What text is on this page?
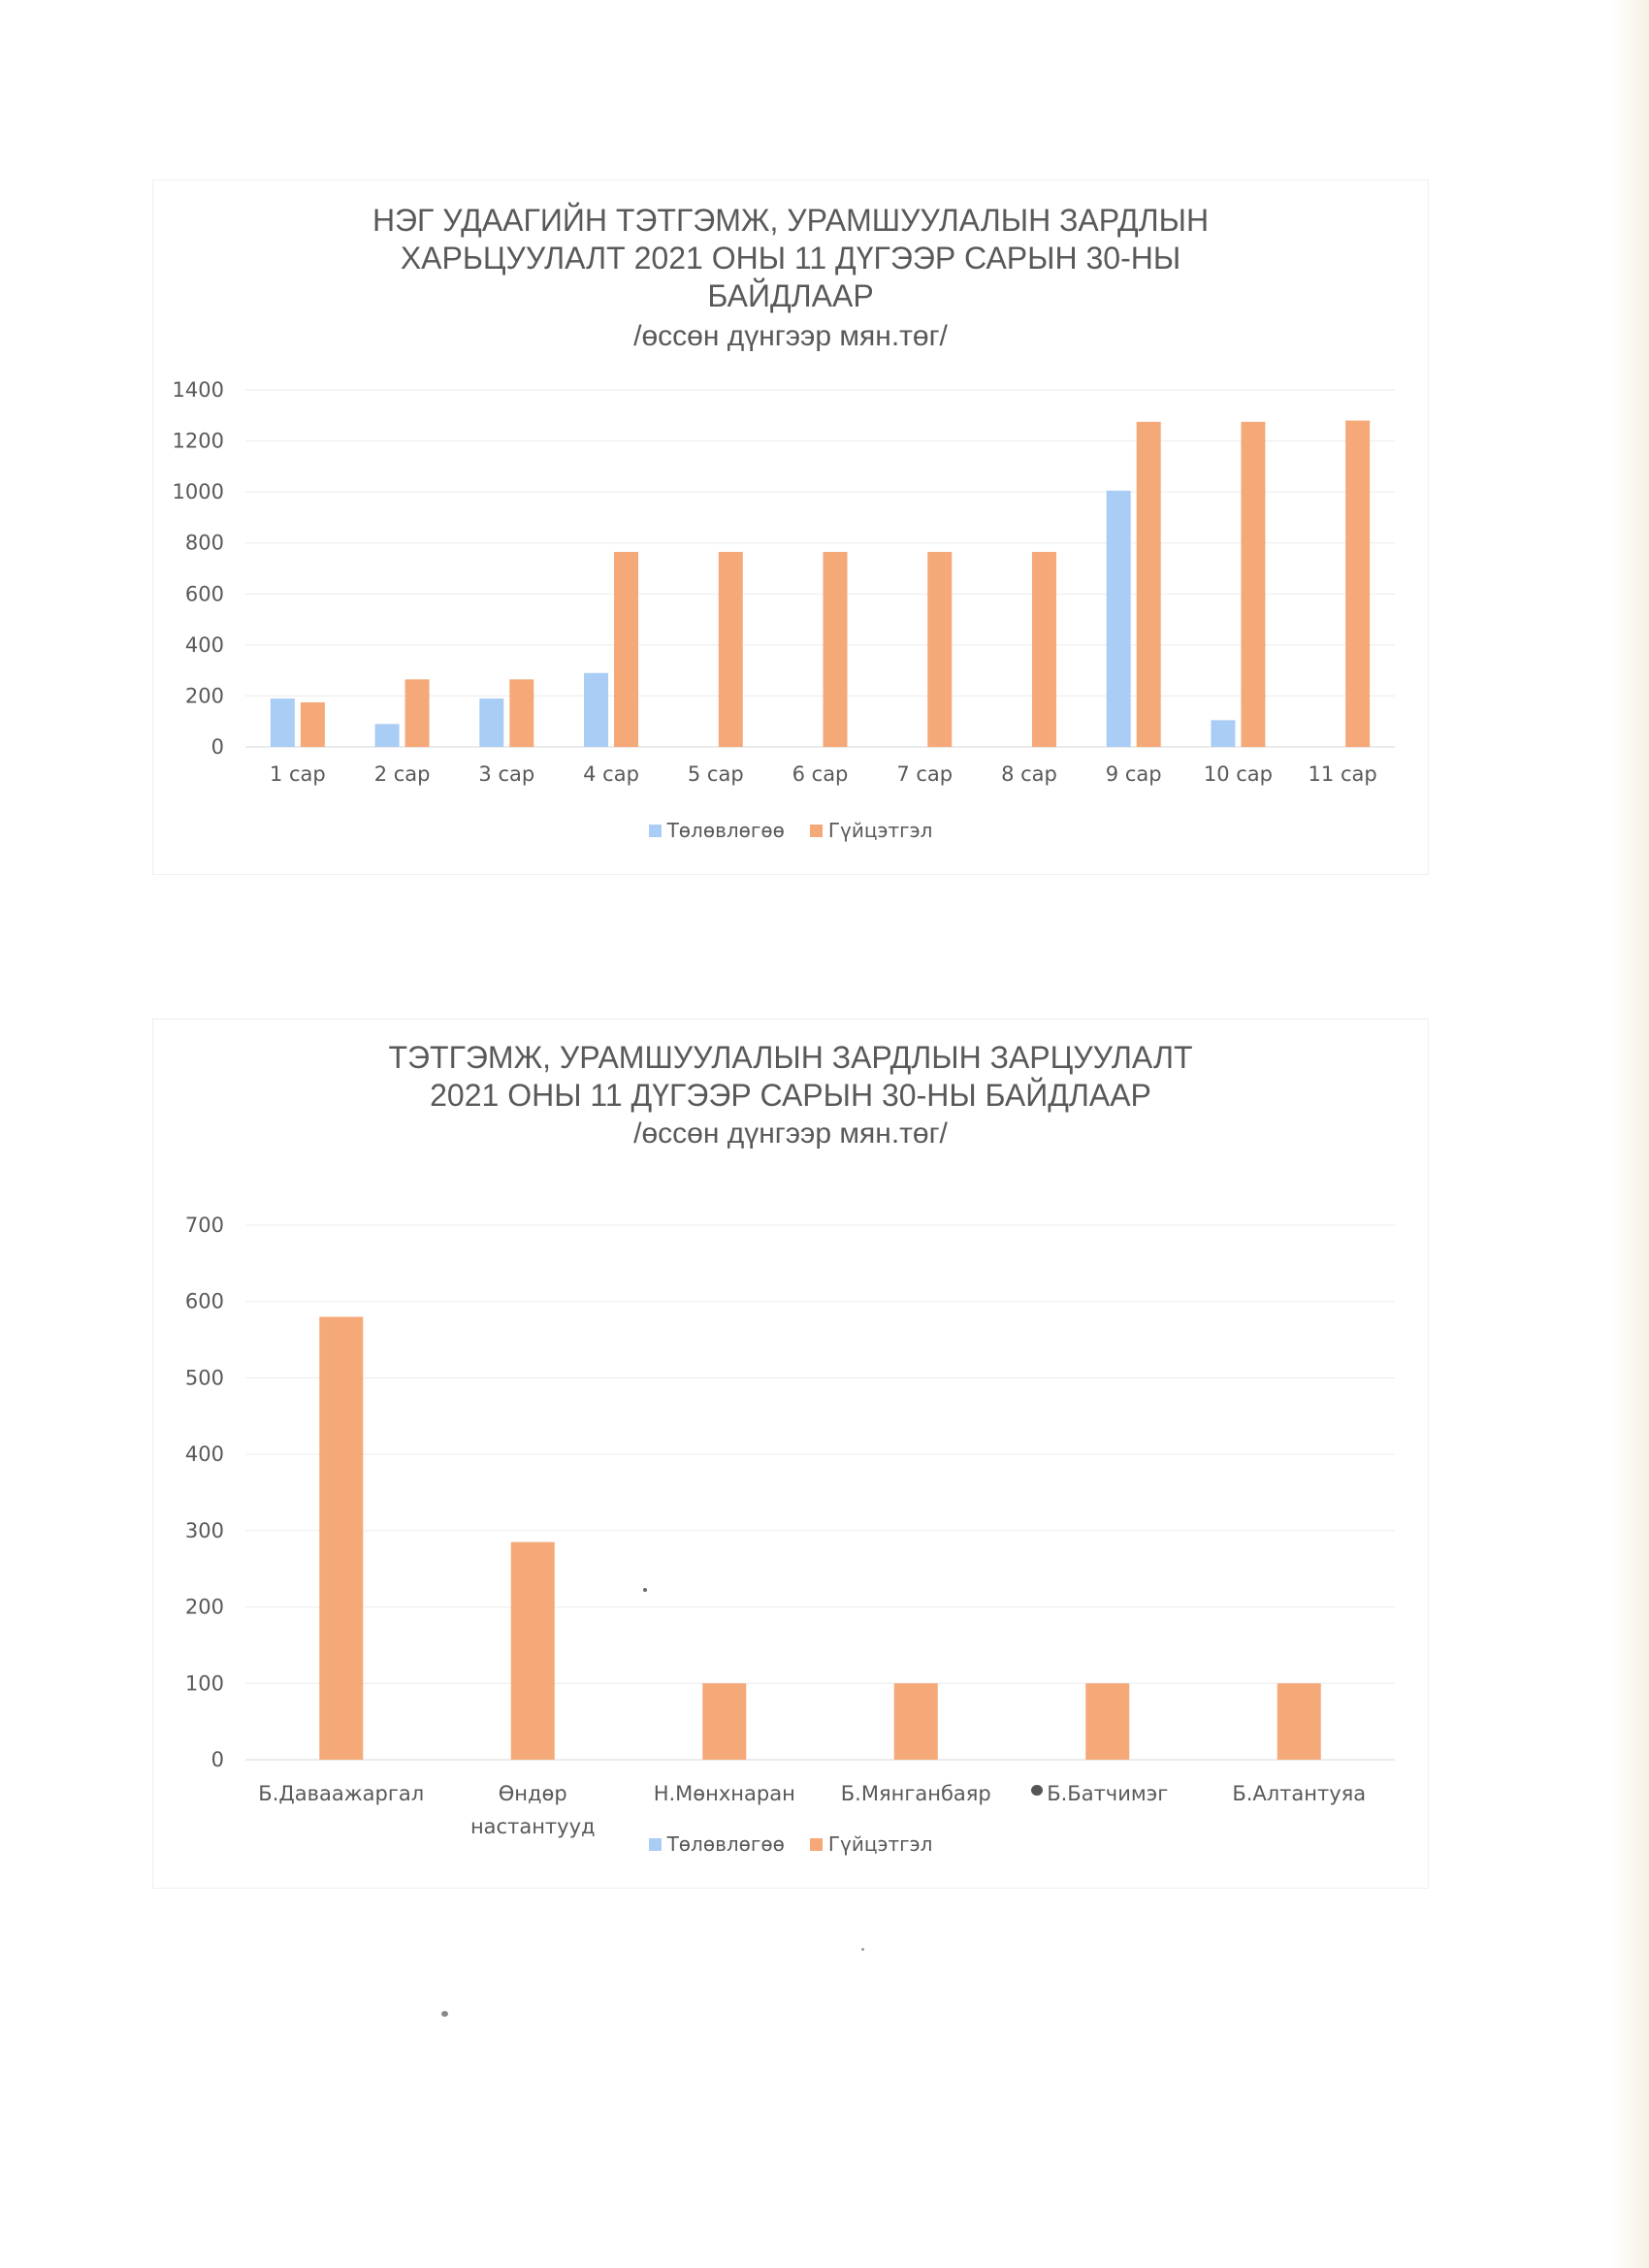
НЭГ УДААГИЙН ТЭТГЭМЖ, УРАМШУУЛАЛЫН ЗАРДЛЫН
ХАРЬЦУУЛАЛТ 2021 ОНЫ 11 ДҮГЭЭР САРЫН 30-НЫ
БАЙДЛААР
/өссөн дүнгээр мян.төг/
0
200
400
600
800
1000
1200
1400
1 сар 2 сар 3 сар 4 сар 5 сар 6 сар 7 сар 8 сар 9 сар 10 сар 11 сар
Төлөвлөгөө Гүйцэтгэл
ТЭТГЭМЖ, УРАМШУУЛАЛЫН ЗАРДЛЫН ЗАРЦУУЛАЛТ
2021 ОНЫ 11 ДҮГЭЭР САРЫН 30-НЫ БАЙДЛААР
/өссөн дүнгээр мян.төг/
0
100
200
300
400
500
600
700
Б.Даваажаргал	Өндөр
настантууд
Н.Мөнхнаран Б.Мянганбаяр	Б.Батчимэг	Б.Алтантуяа
Төлөвлөгөө Гүйцэтгэл
